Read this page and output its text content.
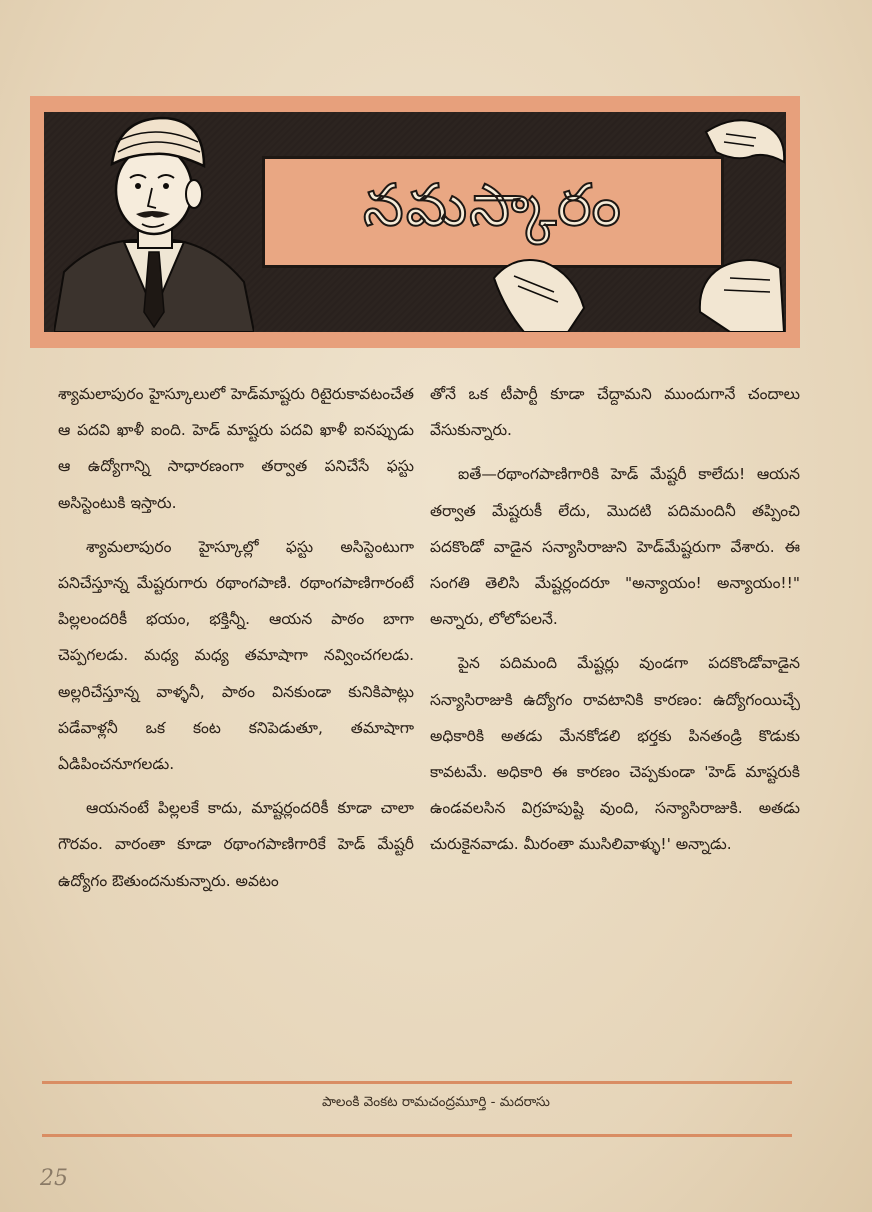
నమస్కారం

శ్యామలాపురం హైస్కూలులో హెడ్‌మాష్టరు రిటైరుకావటంచేత ఆ పదవి ఖాళీ ఐంది. హెడ్ మాష్టరు పదవి ఖాళీ ఐనప్పుడు ఆ ఉద్యోగాన్ని సాధారణంగా తర్వాత పనిచేసే ఫస్టు అసిస్టెంటుకి ఇస్తారు.

శ్యామలాపురం హైస్కూల్లో ఫస్టు అసిస్టెంటుగా పనిచేస్తూన్న మేష్టరుగారు రథాంగపాణి. రథాంగపాణిగారంటే పిల్లలందరికీ భయం, భక్తిన్నీ. ఆయన పాఠం బాగా చెప్పగలడు. మధ్య మధ్య తమాషాగా నవ్వించగలడు. అల్లరిచేస్తూన్న వాళ్ళనీ, పాఠం వినకుండా కునికిపాట్లు పడేవాళ్లనీ ఒక కంట కనిపెడుతూ, తమాషాగా ఏడిపించనూగలడు.

ఆయనంటే పిల్లలకే కాదు, మాష్టర్లందరికీ కూడా చాలా గౌరవం. వారంతా కూడా రథాంగపాణిగారికే హెడ్ మేష్టరీ ఉద్యోగం ఔతుందనుకున్నారు. అవటం

తోనే ఒక టీపార్టీ కూడా చేద్దామని ముందుగానే చందాలు వేసుకున్నారు.

ఐతే—రథాంగపాణిగారికి హెడ్ మేష్టరీ కాలేదు! ఆయన తర్వాత మేష్టరుకీ లేదు, మొదటి పదిమందినీ తప్పించి పదకొండో వాడైన సన్యాసిరాజుని హెడ్‌మేష్టరుగా వేశారు. ఈ సంగతి తెలిసి మేష్టర్లందరూ "అన్యాయం! అన్యాయం!!" అన్నారు, లోలోపలనే.

పైన పదిమంది మేష్టర్లు వుండగా పదకొండోవాడైన సన్యాసిరాజుకి ఉద్యోగం రావటానికి కారణం: ఉద్యోగంయిచ్చే అధికారికి అతడు మేనకోడలి భర్తకు పినతండ్రి కొడుకు కావటమే. అధికారి ఈ కారణం చెప్పకుండా 'హెడ్ మాష్టరుకి ఉండవలసిన విగ్రహపుష్టి వుంది, సన్యాసిరాజుకి. అతడు చురుకైనవాడు. మీరంతా ముసిలివాళ్ళు!' అన్నాడు.

పాలంకి వెంకట రామచంద్రమూర్తి - మదరాసు
25
